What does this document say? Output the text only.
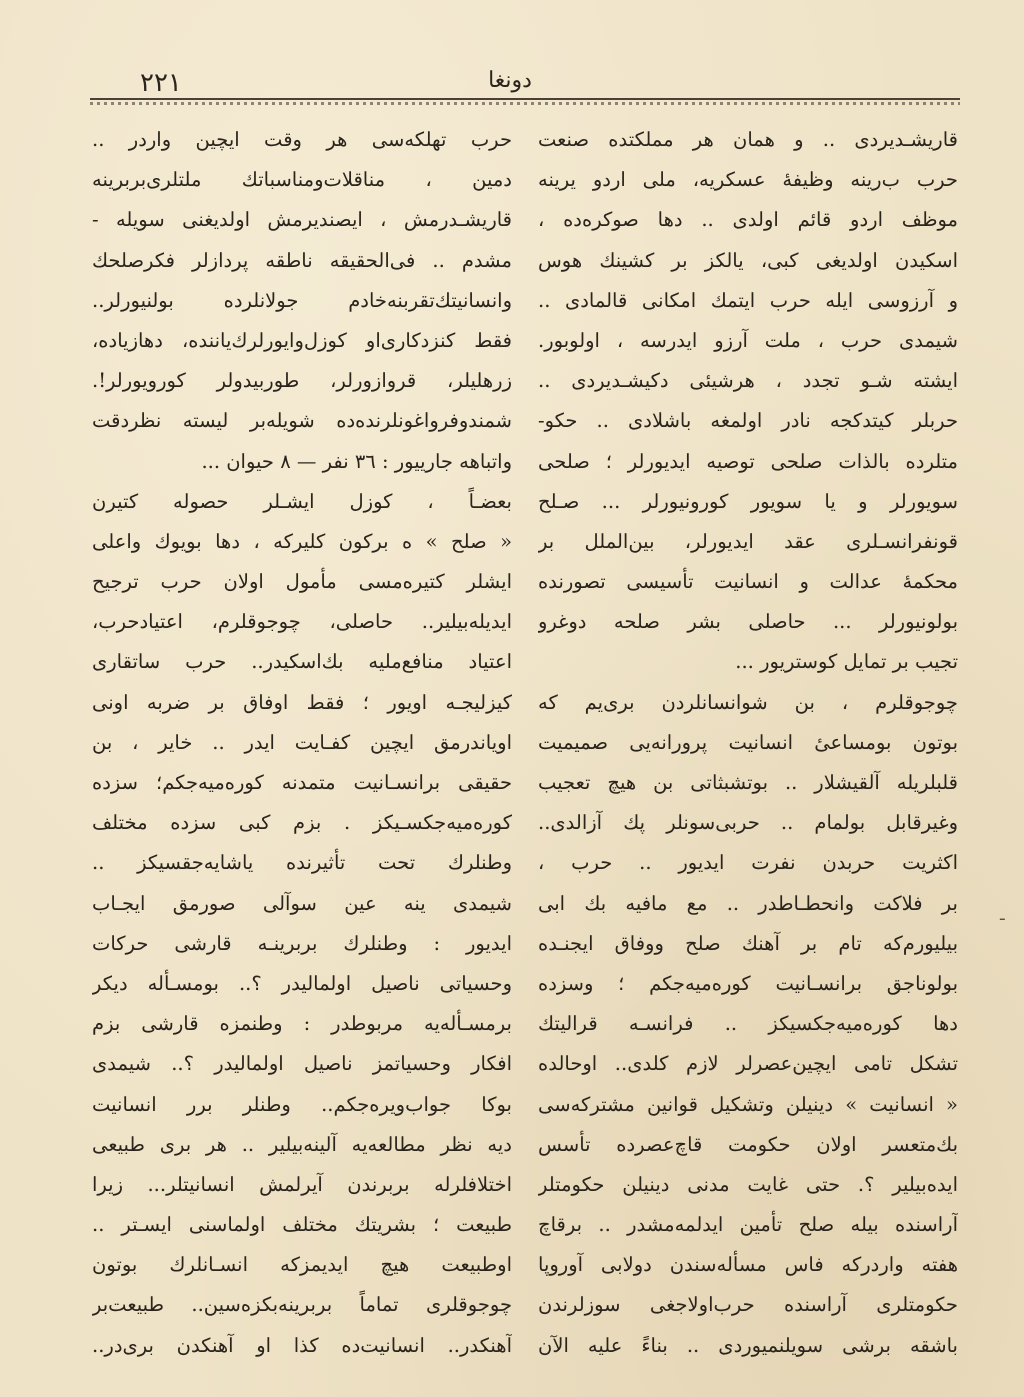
٢٢١	دونغا
قاریشـدیردی .. و همان هر مملکتده صنعت
حرب ب‌رینه وظیفهٔ عسکریه، ملی اردو یرینه
موظف اردو قائم اولدی .. دها صوکره‌ده ،
اسکیدن اولدیغی کبی، یالکز بر کشینك هوس
و آرزوسی ایله حرب ایتمك امکانی قالمادی ..
شیمدی حرب ، ملت آرزو ایدرسه ، اولوبور.
ایشته شـو تجدد ، هرشیئی دکیشـدیردی ..
حربلر کیتدکجه نادر اولمغه باشلادی .. حکو-
متلرده بالذات صلحی توصیه ایدیورلر ؛ صلحی
سویورلر و یا سویور کورونیورلر ... صـلح
قونفرانسـلری عقد ایدیورلر، بین‌الملل بر
محکمهٔ عدالت و انسانیت تأسیسی تصورنده
بولونیورلر ... حاصلی بشر صلحه دوغرو
تجیب بر تمایل کوستریور ...
چوجوقلرم ، بن شوانسانلردن بری‌یم که
بوتون بومساعیٔ انسانیت پرورانه‌یی صمیمیت
قلبلریله آلقیشلار .. بوتشبثاتی بن هیچ تعجیب
وغیرقابل بولمام .. حربی‌سونلر پك آزالدی..
اکثریت حربدن نفرت ایدیور .. حرب ،
بر فلاکت وانحطـاطدر .. مع مافیه بك ابی
بیلیورم‌که تام بر آهنك صلح ووفاق ایجنـده
بولوناجق برانسـانیت کوره‌میه‌جکم ؛ وسزده
دها کوره‌میه‌جکسیکز .. فرانسـه قرالیتك
تشکل تامی ایچین‌عصرلر لازم کلدی.. اوحالده
« انسانیت » دینیلن وتشکیل قوانین مشترکه‌سی
بك‌متعسر اولان حکومت قاچ‌عصرده تأسس
ایده‌بیلیر ؟. حتی غایت مدنی دینیلن حکومتلر
آراسنده بیله صلح تأمین ایدلمه‌مشدر .. برقاچ
هفته واردرکه فاس مسأله‌سندن دولابی آوروپا
حکومتلری آراسنده حرب‌اولاجغی سوزلرندن
باشقه برشی سویلنمیوردی .. بناءً علیه الآن
حرب تهلکه‌سی هر وقت ایچین واردر ..
دمین ، مناقلات‌ومناسباتك ملتلری‌بربرینه
قاریشـدرمش ، ایصندیرمش اولدیغنی سویله -
مشدم .. فی‌الحقیقه ناطقه پردازلر فکرصلحك
وانسانیتك‌تقربنه‌خادم جولانلرده بولنیورلر..
فقط‌ کنزدکاری‌او کوزل‌وایورلرك‌یاننده، دهازیاده،
زرهلیلر، قروازورلر، طوربیدولر کورویورلر!.
شمندوفرواغونلرنده‌ده شویله‌بر لیسته نظردقت
واتباهه جارییور : ٣٦ نفر — ٨ حیوان ...
بعضـاً ، کوزل ایشـلر حصوله کتیرن
« صلح » ه برکون کلیرکه ، دها بویوك واعلی
ایشلر کتیره‌مسی مأمول اولان حرب ترجیح
ایدیله‌بیلیر.. حاصلی، چوجوقلرم، اعتیادحرب،
اعتیاد منافع‌ملیه بك‌اسکیدر.. حرب ساتقاری
کیزلیجـه اویور ؛ فقط اوفاق بر ضربه اونی
اویاندرمق ایچین کفـایت ایدر .. خایر ، بن
حقیقی برانسـانیت متمدنه کوره‌میه‌جکم؛ سزده
کوره‌میه‌جکسـیکز . بزم کبی سزده مختلف
وطنلرك تحت تأثیرنده یاشایه‌جقسیکز ..
شیمدی ینه عین سوآلی صورمق ایجـاب
ایدیور : وطنلرك بربرینـه قارشی حرکات
وحسیاتی ناصیل اولمالیدر ؟.. بومسـأله دیکر
برمسـأله‌یه مربوطدر : وطنمزه قارشی بزم
افکار وحسیاتمز ناصیل اولمالیدر ؟.. شیمدی
بوکا جواب‌ویره‌جکم.. وطنلر برر انسانیت
دیه نظر مطالعه‌یه آلینه‌بیلیر .. هر بری طبیعی
اختلافلرله بربرندن آیرلمش انسانیتلر... زیرا
طبیعت ؛ بشریتك مختلف اولماسنی ایسـتر ..
اوطبیعت هیچ ایدیمزکه انسـانلرك بوتون
چوجوقلری تماماً بربرینه‌بکزه‌سین.. طبیعت‌بر
آهنکدر.. انسانیت‌ده کذا او آهنکدن بری‌در..
ـ
